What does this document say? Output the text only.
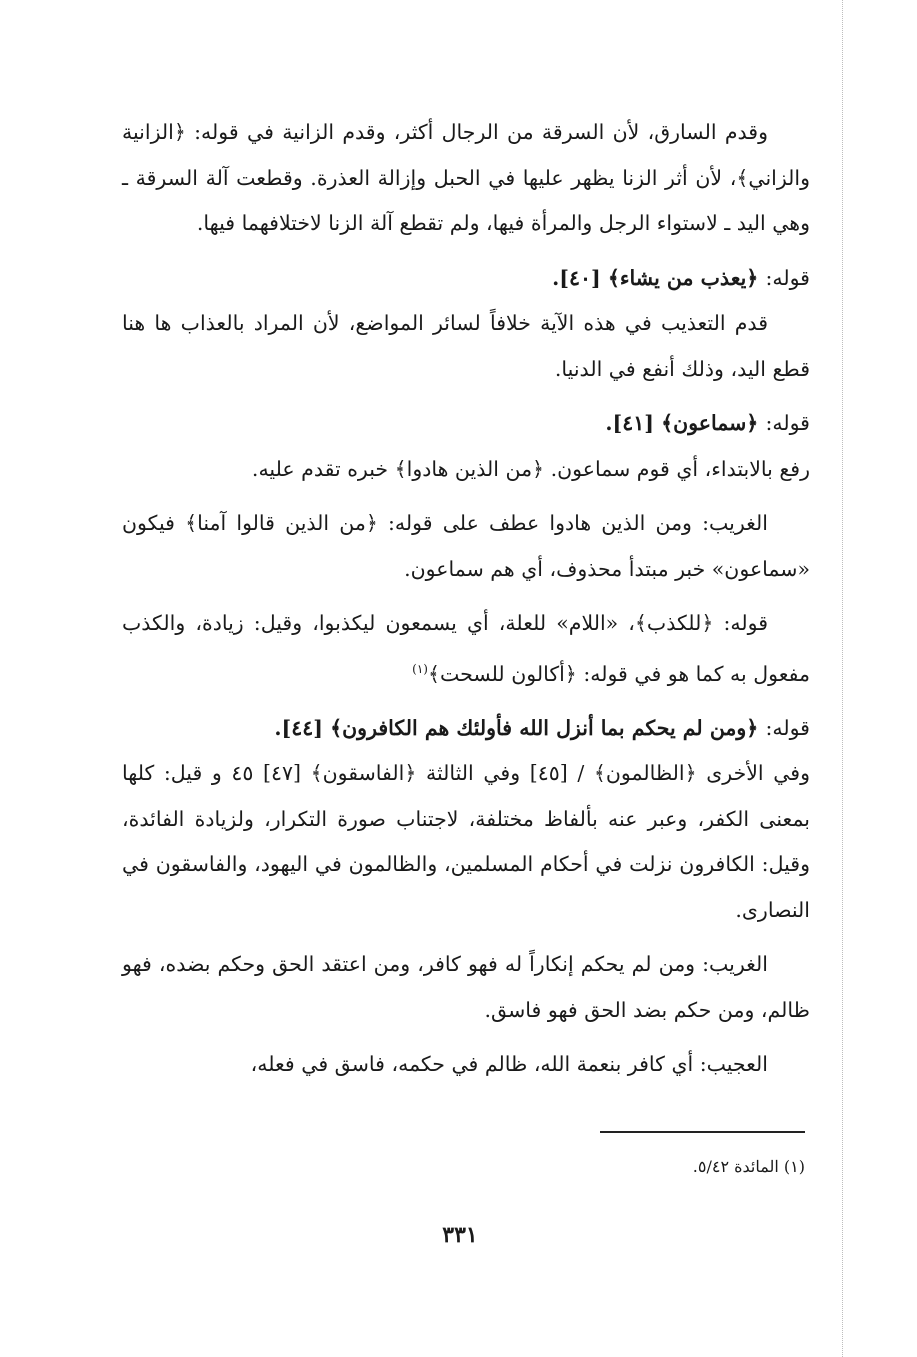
وقدم السارق، لأن السرقة من الرجال أكثر، وقدم الزانية في قوله: ﴿الزانية والزاني﴾، لأن أثر الزنا يظهر عليها في الحبل وإزالة العذرة. وقطعت آلة السرقة ـ وهي اليد ـ لاستواء الرجل والمرأة فيها، ولم تقطع آلة الزنا لاختلافهما فيها.

قوله: ﴿يعذب من يشاء﴾ [٤٠].

قدم التعذيب في هذه الآية خلافاً لسائر المواضع، لأن المراد بالعذاب ها هنا قطع اليد، وذلك أنفع في الدنيا.

قوله: ﴿سماعون﴾ [٤١].

رفع بالابتداء، أي قوم سماعون. ﴿من الذين هادوا﴾ خبره تقدم عليه.

الغريب: ومن الذين هادوا عطف على قوله: ﴿من الذين قالوا آمنا﴾ فيكون «سماعون» خبر مبتدأ محذوف، أي هم سماعون.

قوله: ﴿للكذب﴾، «اللام» للعلة، أي يسمعون ليكذبوا، وقيل: زيادة، والكذب مفعول به كما هو في قوله: ﴿أكالون للسحت﴾$^{(١)}$

قوله: ﴿ومن لم يحكم بما أنزل الله فأولئك هم الكافرون﴾ [٤٤].

وفي الأخرى ﴿الظالمون﴾ / [٤٥] وفي الثالثة ﴿الفاسقون﴾ [٤٧] ٤٥ و قيل: كلها بمعنى الكفر، وعبر عنه بألفاظ مختلفة، لاجتناب صورة التكرار، ولزيادة الفائدة، وقيل: الكافرون نزلت في أحكام المسلمين، والظالمون في اليهود، والفاسقون في النصارى.

الغريب: ومن لم يحكم إنكاراً له فهو كافر، ومن اعتقد الحق وحكم بضده، فهو ظالم، ومن حكم بضد الحق فهو فاسق.

العجيب: أي كافر بنعمة الله، ظالم في حكمه، فاسق في فعله،

(١) المائدة ٥/٤٢.
٣٣١
